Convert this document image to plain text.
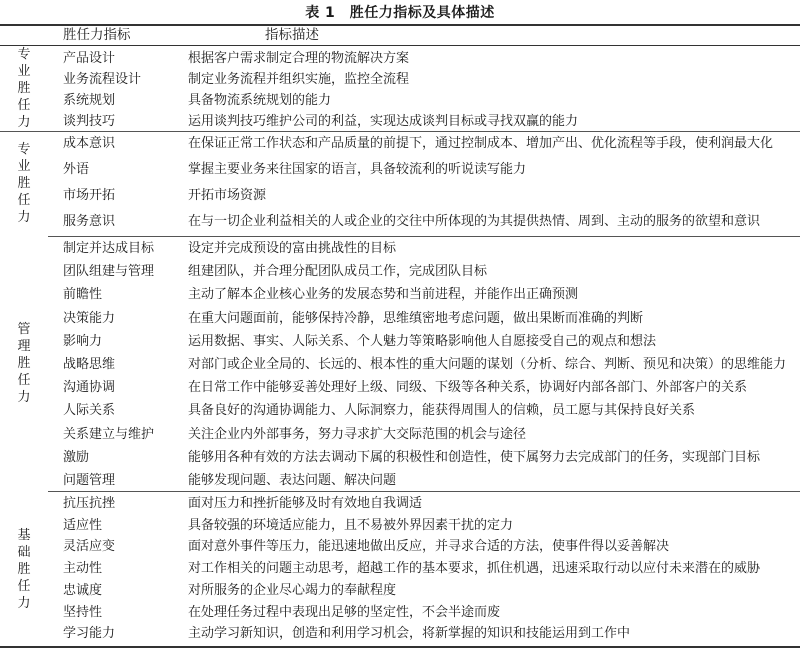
表 1　胜任力指标及具体描述
胜任力指标	指标描述
专业胜任力
产品设计	根据客户需求制定合理的物流解决方案
业务流程设计	制定业务流程并组织实施，监控全流程
系统规划	具备物流系统规划的能力
谈判技巧	运用谈判技巧维护公司的利益，实现达成谈判目标或寻找双赢的能力
专业胜任力
成本意识	在保证正常工作状态和产品质量的前提下，通过控制成本、增加产出、优化流程等手段，使利润最大化
外语	掌握主要业务来往国家的语言，具备较流利的听说读写能力
市场开拓	开拓市场资源
服务意识	在与一切企业利益相关的人或企业的交往中所体现的为其提供热情、周到、主动的服务的欲望和意识
管理胜任力
制定并达成目标	设定并完成预设的富由挑战性的目标
团队组建与管理	组建团队，并合理分配团队成员工作，完成团队目标
前瞻性	主动了解本企业核心业务的发展态势和当前进程，并能作出正确预测
决策能力	在重大问题面前，能够保持冷静，思维缜密地考虑问题，做出果断而准确的判断
影响力	运用数据、事实、人际关系、个人魅力等策略影响他人自愿接受自己的观点和想法
战略思维	对部门或企业全局的、长远的、根本性的重大问题的谋划（分析、综合、判断、预见和决策）的思维能力
沟通协调	在日常工作中能够妥善处理好上级、同级、下级等各种关系，协调好内部各部门、外部客户的关系
人际关系	具备良好的沟通协调能力、人际洞察力，能获得周围人的信赖，员工愿与其保持良好关系
关系建立与维护	关注企业内外部事务，努力寻求扩大交际范围的机会与途径
激励	能够用各种有效的方法去调动下属的积极性和创造性，使下属努力去完成部门的任务，实现部门目标
问题管理	能够发现问题、表达问题、解决问题
基础胜任力
抗压抗挫	面对压力和挫折能够及时有效地自我调适
适应性	具备较强的环境适应能力，且不易被外界因素干扰的定力
灵活应变	面对意外事件等压力，能迅速地做出反应，并寻求合适的方法，使事件得以妥善解决
主动性	对工作相关的问题主动思考，超越工作的基本要求，抓住机遇，迅速采取行动以应付未来潜在的威胁
忠诚度	对所服务的企业尽心竭力的奉献程度
坚持性	在处理任务过程中表现出足够的坚定性，不会半途而废
学习能力	主动学习新知识，创造和利用学习机会，将新掌握的知识和技能运用到工作中
